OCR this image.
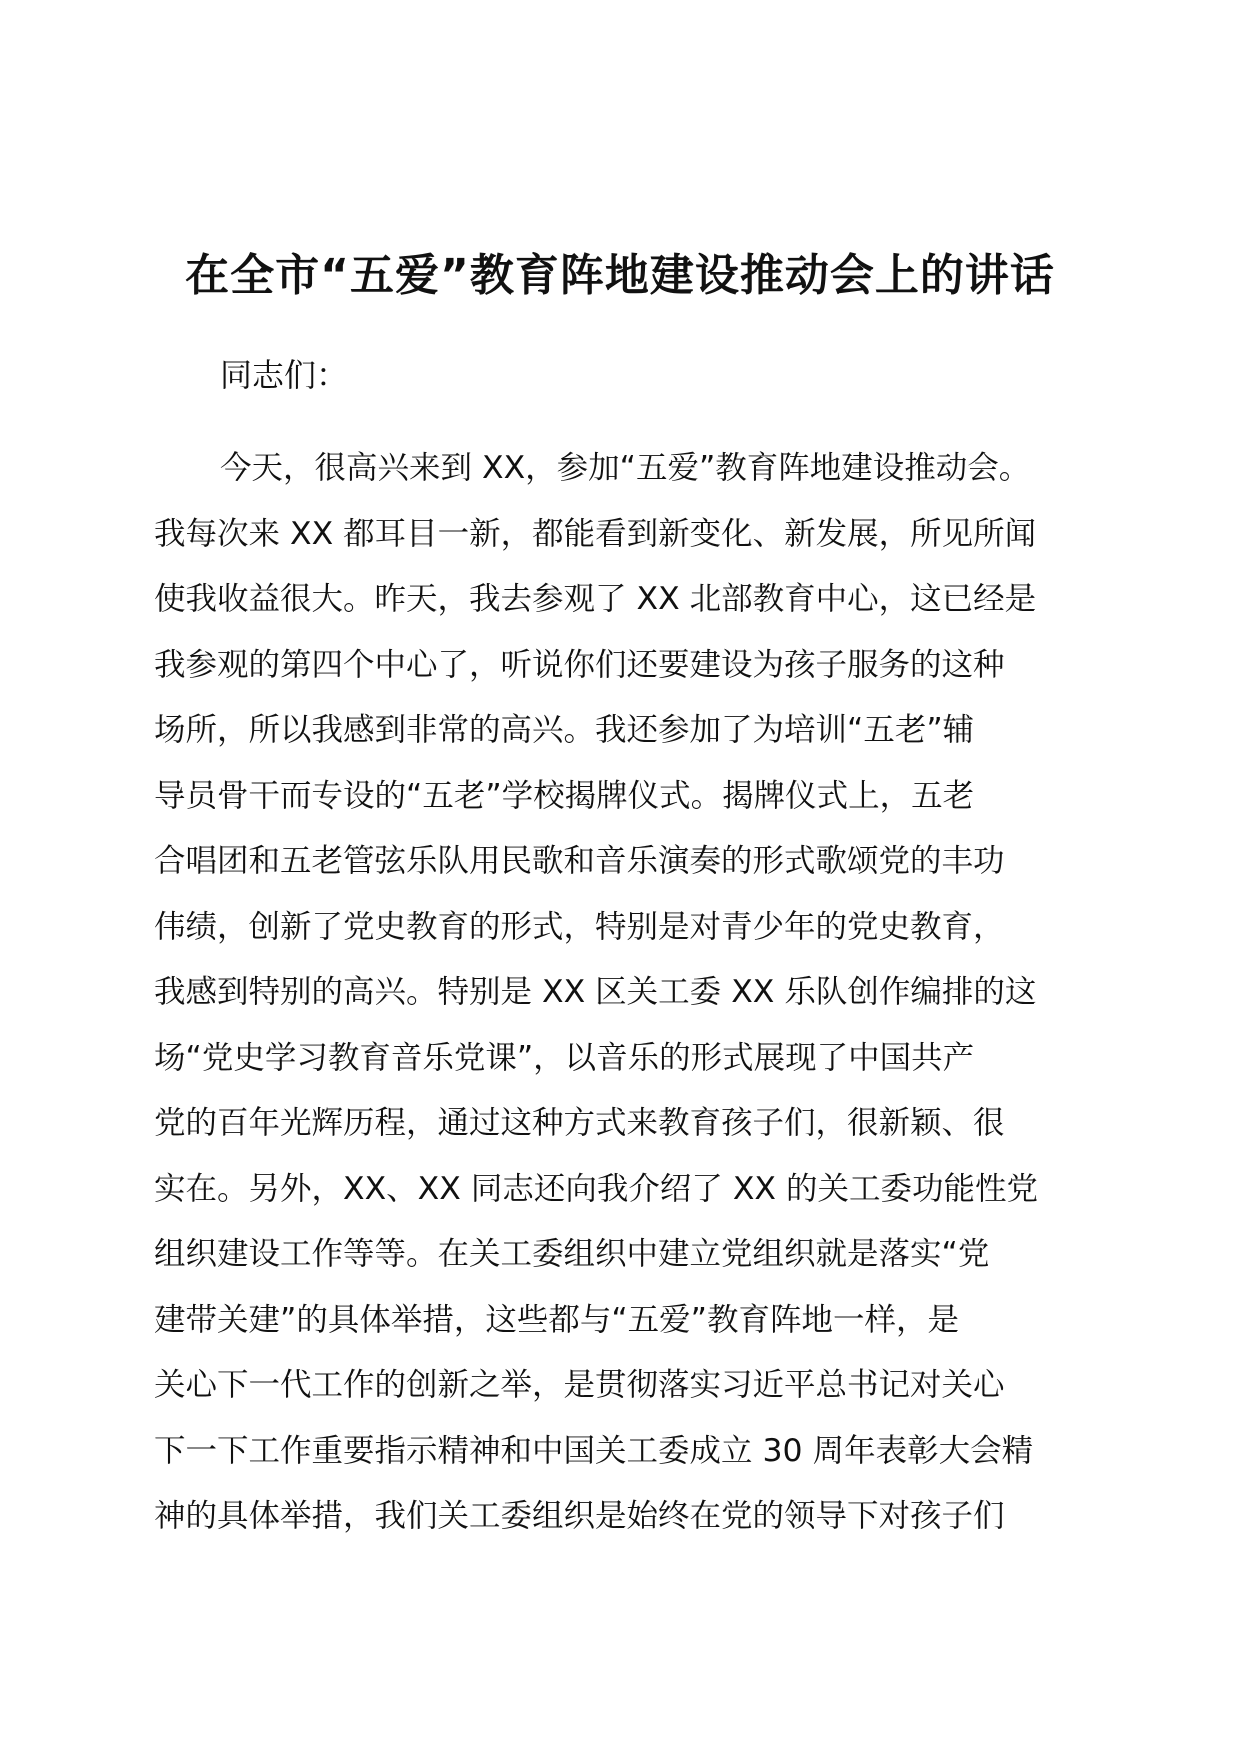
在全市“五爱”教育阵地建设推动会上的讲话
同志们：
今天，很高兴来到 XX，参加“五爱”教育阵地建设推动会。
我每次来 XX 都耳目一新，都能看到新变化、新发展，所见所闻
使我收益很大。昨天，我去参观了 XX 北部教育中心，这已经是
我参观的第四个中心了，听说你们还要建设为孩子服务的这种
场所，所以我感到非常的高兴。我还参加了为培训“五老”辅
导员骨干而专设的“五老”学校揭牌仪式。揭牌仪式上，五老
合唱团和五老管弦乐队用民歌和音乐演奏的形式歌颂党的丰功
伟绩，创新了党史教育的形式，特别是对青少年的党史教育，
我感到特别的高兴。特别是 XX 区关工委 XX 乐队创作编排的这
场“党史学习教育音乐党课”，以音乐的形式展现了中国共产
党的百年光辉历程，通过这种方式来教育孩子们，很新颖、很
实在。另外，XX、XX 同志还向我介绍了 XX 的关工委功能性党
组织建设工作等等。在关工委组织中建立党组织就是落实“党
建带关建”的具体举措，这些都与“五爱”教育阵地一样，是
关心下一代工作的创新之举，是贯彻落实习近平总书记对关心
下一下工作重要指示精神和中国关工委成立 30 周年表彰大会精
神的具体举措，我们关工委组织是始终在党的领导下对孩子们
